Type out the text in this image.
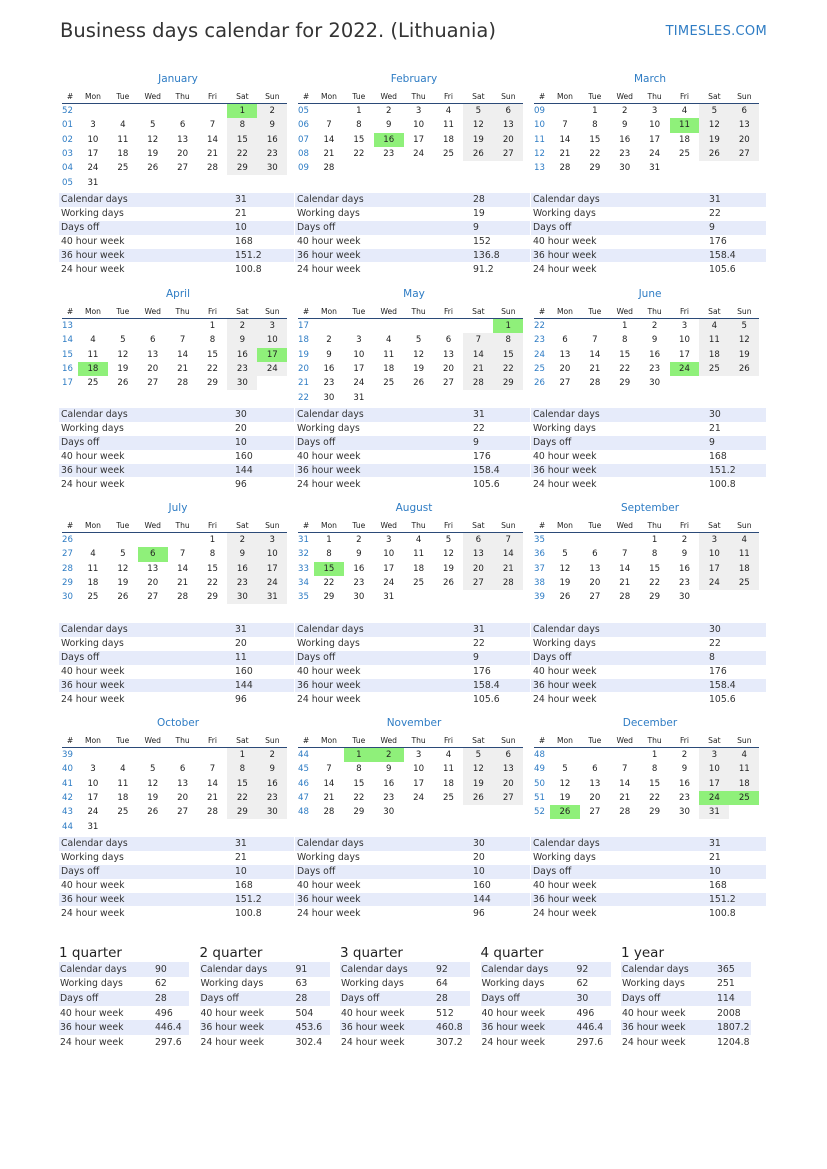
Business days calendar for 2022. (Lithuania)	TIMESLES.COM
January
#	Mon	Tue	Wed	Thu	Fri	Sat	Sun
52						1	2
01	3	4	5	6	7	8	9
02	10	11	12	13	14	15	16
03	17	18	19	20	21	22	23
04	24	25	26	27	28	29	30
05	31						
Calendar days	31
Working days	21
Days off	10
40 hour week	168
36 hour week	151.2
24 hour week	100.8
February
#	Mon	Tue	Wed	Thu	Fri	Sat	Sun
05		1	2	3	4	5	6
06	7	8	9	10	11	12	13
07	14	15	16	17	18	19	20
08	21	22	23	24	25	26	27
09	28						
Calendar days	28
Working days	19
Days off	9
40 hour week	152
36 hour week	136.8
24 hour week	91.2
March
#	Mon	Tue	Wed	Thu	Fri	Sat	Sun
09		1	2	3	4	5	6
10	7	8	9	10	11	12	13
11	14	15	16	17	18	19	20
12	21	22	23	24	25	26	27
13	28	29	30	31			
Calendar days	31
Working days	22
Days off	9
40 hour week	176
36 hour week	158.4
24 hour week	105.6
April
#	Mon	Tue	Wed	Thu	Fri	Sat	Sun
13					1	2	3
14	4	5	6	7	8	9	10
15	11	12	13	14	15	16	17
16	18	19	20	21	22	23	24
17	25	26	27	28	29	30	
Calendar days	30
Working days	20
Days off	10
40 hour week	160
36 hour week	144
24 hour week	96
May
#	Mon	Tue	Wed	Thu	Fri	Sat	Sun
17							1
18	2	3	4	5	6	7	8
19	9	10	11	12	13	14	15
20	16	17	18	19	20	21	22
21	23	24	25	26	27	28	29
22	30	31					
Calendar days	31
Working days	22
Days off	9
40 hour week	176
36 hour week	158.4
24 hour week	105.6
June
#	Mon	Tue	Wed	Thu	Fri	Sat	Sun
22			1	2	3	4	5
23	6	7	8	9	10	11	12
24	13	14	15	16	17	18	19
25	20	21	22	23	24	25	26
26	27	28	29	30			
Calendar days	30
Working days	21
Days off	9
40 hour week	168
36 hour week	151.2
24 hour week	100.8
July
#	Mon	Tue	Wed	Thu	Fri	Sat	Sun
26					1	2	3
27	4	5	6	7	8	9	10
28	11	12	13	14	15	16	17
29	18	19	20	21	22	23	24
30	25	26	27	28	29	30	31
Calendar days	31
Working days	20
Days off	11
40 hour week	160
36 hour week	144
24 hour week	96
August
#	Mon	Tue	Wed	Thu	Fri	Sat	Sun
31	1	2	3	4	5	6	7
32	8	9	10	11	12	13	14
33	15	16	17	18	19	20	21
34	22	23	24	25	26	27	28
35	29	30	31				
Calendar days	31
Working days	22
Days off	9
40 hour week	176
36 hour week	158.4
24 hour week	105.6
September
#	Mon	Tue	Wed	Thu	Fri	Sat	Sun
35				1	2	3	4
36	5	6	7	8	9	10	11
37	12	13	14	15	16	17	18
38	19	20	21	22	23	24	25
39	26	27	28	29	30		
Calendar days	30
Working days	22
Days off	8
40 hour week	176
36 hour week	158.4
24 hour week	105.6
October
#	Mon	Tue	Wed	Thu	Fri	Sat	Sun
39						1	2
40	3	4	5	6	7	8	9
41	10	11	12	13	14	15	16
42	17	18	19	20	21	22	23
43	24	25	26	27	28	29	30
44	31						
Calendar days	31
Working days	21
Days off	10
40 hour week	168
36 hour week	151.2
24 hour week	100.8
November
#	Mon	Tue	Wed	Thu	Fri	Sat	Sun
44		1	2	3	4	5	6
45	7	8	9	10	11	12	13
46	14	15	16	17	18	19	20
47	21	22	23	24	25	26	27
48	28	29	30				
Calendar days	30
Working days	20
Days off	10
40 hour week	160
36 hour week	144
24 hour week	96
December
#	Mon	Tue	Wed	Thu	Fri	Sat	Sun
48				1	2	3	4
49	5	6	7	8	9	10	11
50	12	13	14	15	16	17	18
51	19	20	21	22	23	24	25
52	26	27	28	29	30	31	
Calendar days	31
Working days	21
Days off	10
40 hour week	168
36 hour week	151.2
24 hour week	100.8
1 quarter
Calendar days	90
Working days	62
Days off	28
40 hour week	496
36 hour week	446.4
24 hour week	297.6
2 quarter
Calendar days	91
Working days	63
Days off	28
40 hour week	504
36 hour week	453.6
24 hour week	302.4
3 quarter
Calendar days	92
Working days	64
Days off	28
40 hour week	512
36 hour week	460.8
24 hour week	307.2
4 quarter
Calendar days	92
Working days	62
Days off	30
40 hour week	496
36 hour week	446.4
24 hour week	297.6
1 year
Calendar days	365
Working days	251
Days off	114
40 hour week	2008
36 hour week	1807.2
24 hour week	1204.8
